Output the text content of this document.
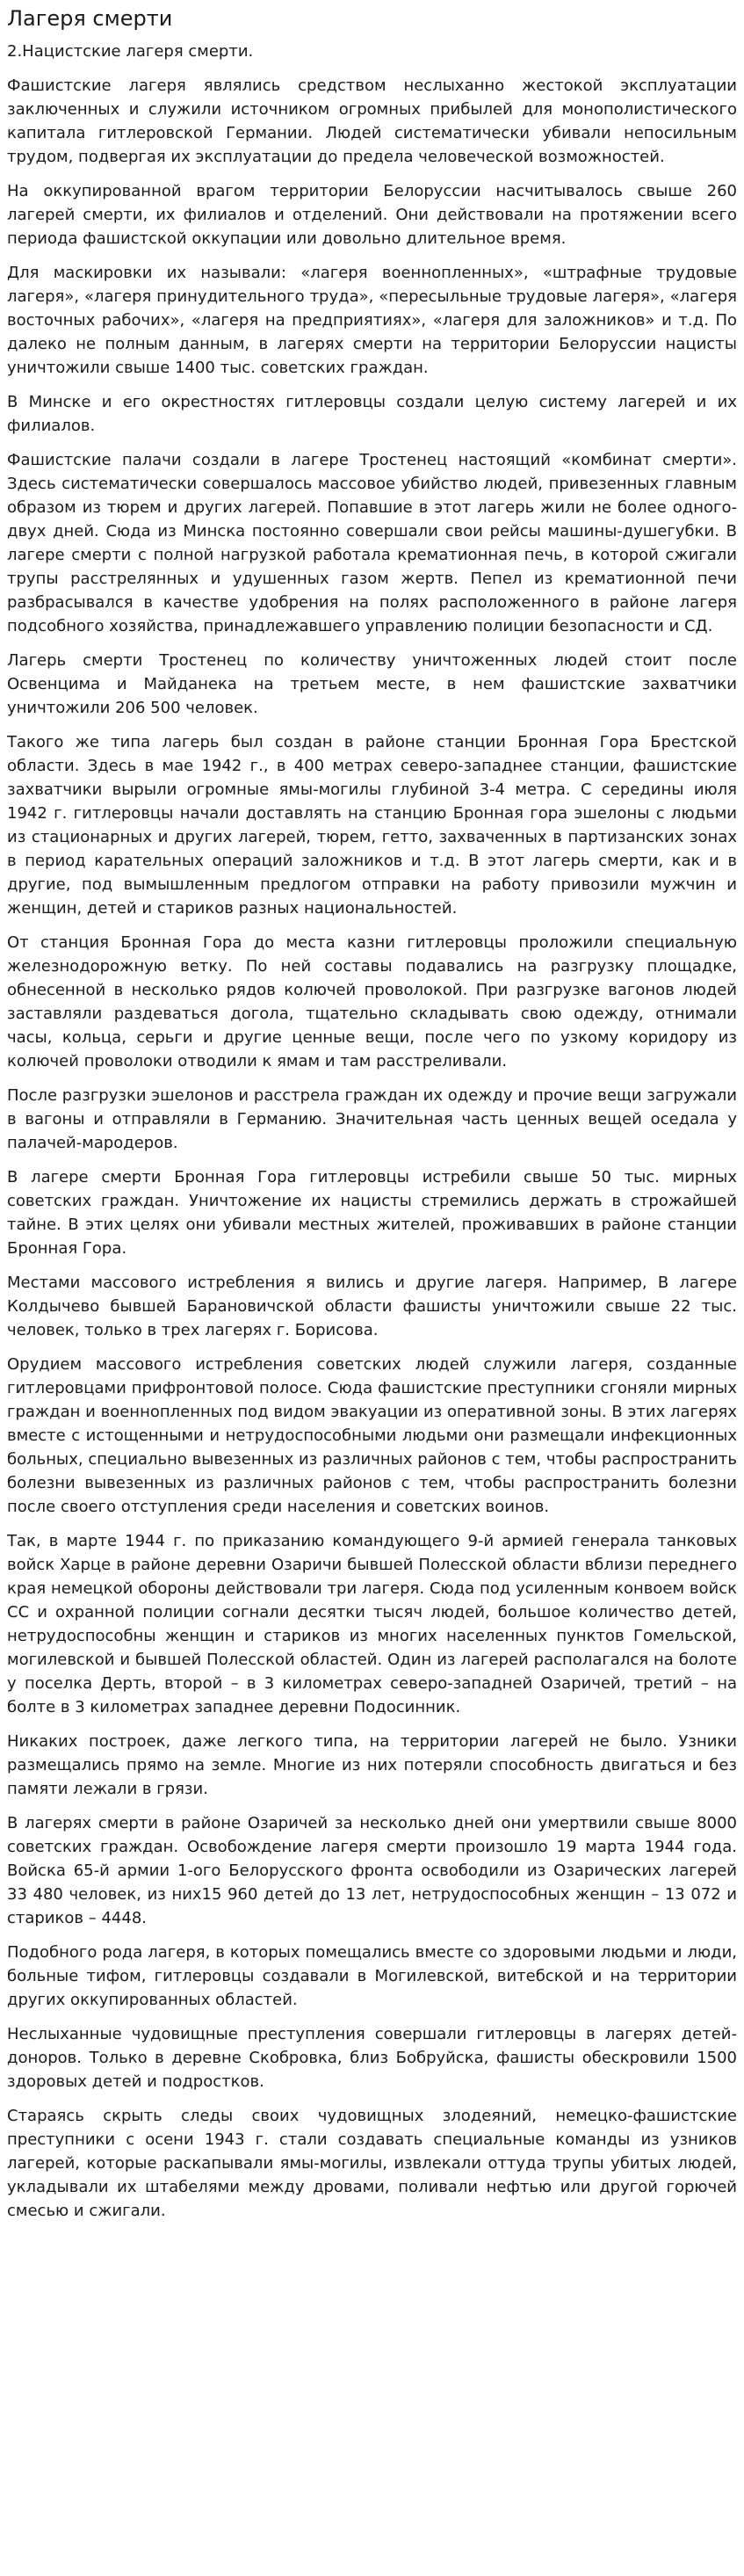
Лагеря смерти
2.Нацистские лагеря смерти.

Фашистские лагеря являлись средством неслыханно жестокой эксплуатации заключенных и служили источником огромных прибылей для монополистического капитала гитлеровской Германии. Людей систематически убивали непосильным трудом, подвергая их эксплуатации до предела человеческой возможностей.

На оккупированной врагом территории Белоруссии насчитывалось свыше 260 лагерей смерти, их филиалов и отделений. Они действовали на протяжении всего периода фашистской оккупации или довольно длительное время.

Для маскировки их называли: «лагеря военнопленных», «штрафные трудовые лагеря», «лагеря принудительного труда», «пересыльные трудовые лагеря», «лагеря восточных рабочих», «лагеря на предприятиях», «лагеря для заложников» и т.д. По далеко не полным данным, в лагерях смерти на территории Белоруссии нацисты уничтожили свыше 1400 тыс. советских граждан.

В Минске и его окрестностях гитлеровцы создали целую систему лагерей и их филиалов.

Фашистские палачи создали в лагере Тростенец настоящий «комбинат смерти». Здесь систематически совершалось массовое убийство людей, привезенных главным образом из тюрем и других лагерей. Попавшие в этот лагерь жили не более одного-двух дней. Сюда из Минска постоянно совершали свои рейсы машины-душегубки. В лагере смерти с полной нагрузкой работала крематионная печь, в которой сжигали трупы расстрелянных и удушенных газом жертв. Пепел из крематионной печи разбрасывался в качестве удобрения на полях расположенного в районе лагеря подсобного хозяйства, принадлежавшего управлению полиции безопасности и СД.

Лагерь смерти Тростенец по количеству уничтоженных людей стоит после Освенцима и Майданека на третьем месте, в нем фашистские захватчики уничтожили 206 500 человек.

Такого же типа лагерь был создан в районе станции Бронная Гора Брестской области. Здесь в мае 1942 г., в 400 метрах северо-западнее станции, фашистские захватчики вырыли огромные ямы-могилы глубиной 3-4 метра. С середины июля 1942 г. гитлеровцы начали доставлять на станцию Бронная гора эшелоны с людьми из стационарных и других лагерей, тюрем, гетто, захваченных в партизанских зонах в период карательных операций заложников и т.д. В этот лагерь смерти, как и в другие, под вымышленным предлогом отправки на работу привозили мужчин и женщин, детей и стариков разных национальностей.

От станция Бронная Гора до места казни гитлеровцы проложили специальную железнодорожную ветку. По ней составы подавались на разгрузку площадке, обнесенной в несколько рядов колючей проволокой. При разгрузке вагонов людей заставляли раздеваться догола, тщательно складывать свою одежду, отнимали часы, кольца, серьги и другие ценные вещи, после чего по узкому коридору из колючей проволоки отводили к ямам и там расстреливали.

После разгрузки эшелонов и расстрела граждан их одежду и прочие вещи загружали в вагоны и отправляли в Германию. Значительная часть ценных вещей оседала у палачей-мародеров.

В лагере смерти Бронная Гора гитлеровцы истребили свыше 50 тыс. мирных советских граждан. Уничтожение их нацисты стремились держать в строжайшей тайне. В этих целях они убивали местных жителей, проживавших в районе станции Бронная Гора.

Местами массового истребления я вились и другие лагеря. Например, В лагере Колдычево бывшей Барановичской области фашисты уничтожили свыше 22 тыс. человек, только в трех лагерях г. Борисова.

Орудием массового истребления советских людей служили лагеря, созданные гитлеровцами прифронтовой полосе. Сюда фашистские преступники сгоняли мирных граждан и военнопленных под видом эвакуации из оперативной зоны. В этих лагерях вместе с истощенными и нетрудоспособными людьми они размещали инфекционных больных, специально вывезенных из различных районов с тем, чтобы распространить болезни вывезенных из различных районов с тем, чтобы распространить болезни после своего отступления среди населения и советских воинов.

Так, в марте 1944 г. по приказанию командующего 9-й армией генерала танковых войск Харце в районе деревни Озаричи бывшей Полесской области вблизи переднего края немецкой обороны действовали три лагеря. Сюда под усиленным конвоем войск СС и охранной полиции согнали десятки тысяч людей, большое количество детей, нетрудоспособны женщин и стариков из многих населенных пунктов Гомельской, могилевской и бывшей Полесской областей. Один из лагерей располагался на болоте у поселка Дерть, второй – в 3 километрах северо-западней Озаричей, третий – на болте в 3 километрах западнее деревни Подосинник.

Никаких построек, даже легкого типа, на территории лагерей не было. Узники размещались прямо на земле. Многие из них потеряли способность двигаться и без памяти лежали в грязи.

В лагерях смерти в районе Озаричей за несколько дней они умертвили свыше 8000 советских граждан. Освобождение лагеря смерти произошло 19 марта 1944 года. Войска 65-й армии 1-ого Белорусского фронта освободили из Озарических лагерей 33 480 человек, из них15 960 детей до 13 лет, нетрудоспособных женщин – 13 072 и стариков – 4448.

Подобного рода лагеря, в которых помещались вместе со здоровыми людьми и люди, больные тифом, гитлеровцы создавали в Могилевской, витебской и на территории других оккупированных областей.

Неслыханные чудовищные преступления совершали гитлеровцы в лагерях детей-доноров. Только в деревне Скобровка, близ Бобруйска, фашисты обескровили 1500 здоровых детей и подростков.

Стараясь скрыть следы своих чудовищных злодеяний, немецко-фашистские преступники с осени 1943 г. стали создавать специальные команды из узников лагерей, которые раскапывали ямы-могилы, извлекали оттуда трупы убитых людей, укладывали их штабелями между дровами, поливали нефтью или другой горючей смесью и сжигали.
